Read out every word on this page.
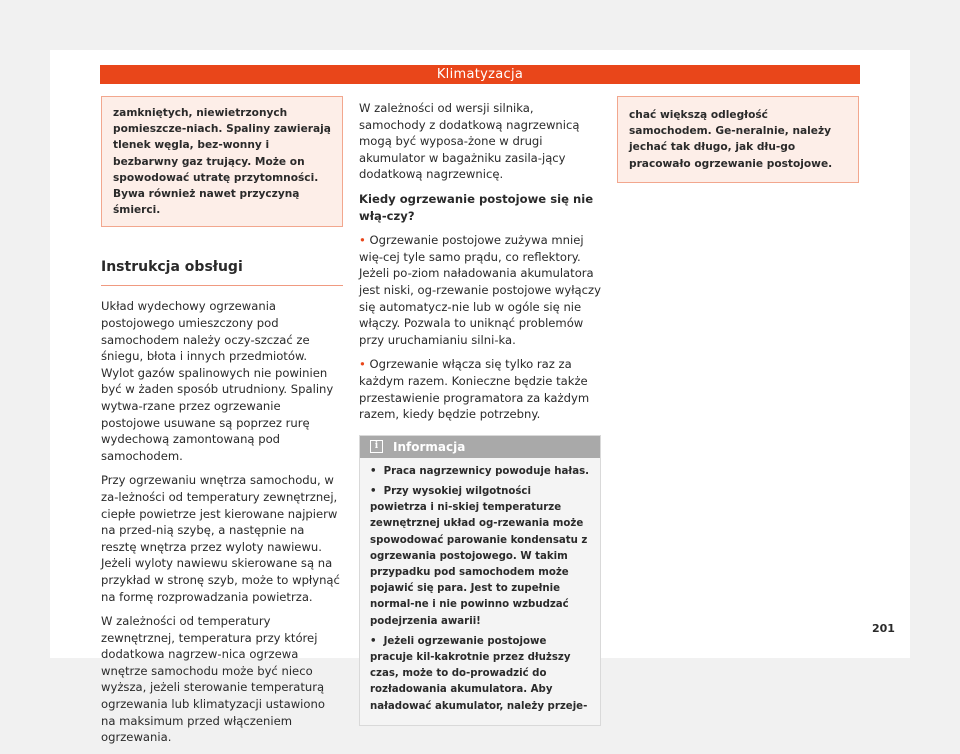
Klimatyzacja
zamkniętych, niewietrzonych pomieszcze-niach. Spaliny zawierają tlenek węgla, bez-wonny i bezbarwny gaz trujący. Może on spowodować utratę przytomności. Bywa również nawet przyczyną śmierci.
Instrukcja obsługi

Układ wydechowy ogrzewania postojowego umieszczony pod samochodem należy oczy-szczać ze śniegu, błota i innych przedmiotów. Wylot gazów spalinowych nie powinien być w żaden sposób utrudniony. Spaliny wytwa-rzane przez ogrzewanie postojowe usuwane są poprzez rurę wydechową zamontowaną pod samochodem.

Przy ogrzewaniu wnętrza samochodu, w za-leżności od temperatury zewnętrznej, ciepłe powietrze jest kierowane najpierw na przed-nią szybę, a następnie na resztę wnętrza przez wyloty nawiewu. Jeżeli wyloty nawiewu skierowane są na przykład w stronę szyb, może to wpłynąć na formę rozprowadzania powietrza.

W zależności od temperatury zewnętrznej, temperatura przy której dodatkowa nagrzew-nica ogrzewa wnętrze samochodu może być nieco wyższa, jeżeli sterowanie temperaturą ogrzewania lub klimatyzacji ustawiono na maksimum przed włączeniem ogrzewania.

W zależności od wersji silnika, samochody z dodatkową nagrzewnicą mogą być wyposa-żone w drugi akumulator w bagażniku zasila-jący dodatkową nagrzewnicę.

Kiedy ogrzewanie postojowe się nie włą-czy?

• Ogrzewanie postojowe zużywa mniej wię-cej tyle samo prądu, co reflektory. Jeżeli po-ziom naładowania akumulatora jest niski, og-rzewanie postojowe wyłączy się automatycz-nie lub w ogóle się nie włączy. Pozwala to uniknąć problemów przy uruchamianiu silni-ka.

• Ogrzewanie włącza się tylko raz za każdym razem. Konieczne będzie także przestawienie programatora za każdym razem, kiedy będzie potrzebny.

i	Informacja
•  Praca nagrzewnicy powoduje hałas.
•  Przy wysokiej wilgotności powietrza i ni-skiej temperaturze zewnętrznej układ og-rzewania może spowodować parowanie kondensatu z ogrzewania postojowego. W takim przypadku pod samochodem może pojawić się para. Jest to zupełnie normal-ne i nie powinno wzbudzać podejrzenia awarii!
•  Jeżeli ogrzewanie postojowe pracuje kil-kakrotnie przez dłuższy czas, może to do-prowadzić do rozładowania akumulatora. Aby naładować akumulator, należy przeje-
chać większą odległość samochodem. Ge-neralnie, należy jechać tak długo, jak dłu-go pracowało ogrzewanie postojowe.
201
